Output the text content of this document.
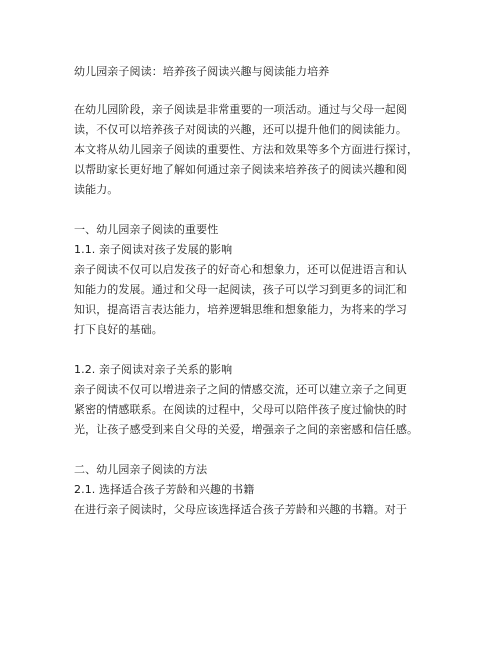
幼儿园亲子阅读：培养孩子阅读兴趣与阅读能力培养
在幼儿园阶段，亲子阅读是非常重要的一项活动。通过与父母一起阅
读，不仅可以培养孩子对阅读的兴趣，还可以提升他们的阅读能力。
本文将从幼儿园亲子阅读的重要性、方法和效果等多个方面进行探讨，
以帮助家长更好地了解如何通过亲子阅读来培养孩子的阅读兴趣和阅
读能力。
一、幼儿园亲子阅读的重要性
1.1. 亲子阅读对孩子发展的影响
亲子阅读不仅可以启发孩子的好奇心和想象力，还可以促进语言和认
知能力的发展。通过和父母一起阅读，孩子可以学习到更多的词汇和
知识，提高语言表达能力，培养逻辑思维和想象能力，为将来的学习
打下良好的基础。
1.2. 亲子阅读对亲子关系的影响
亲子阅读不仅可以增进亲子之间的情感交流，还可以建立亲子之间更
紧密的情感联系。在阅读的过程中，父母可以陪伴孩子度过愉快的时
光，让孩子感受到来自父母的关爱，增强亲子之间的亲密感和信任感。
二、幼儿园亲子阅读的方法
2.1. 选择适合孩子芳龄和兴趣的书籍
在进行亲子阅读时，父母应该选择适合孩子芳龄和兴趣的书籍。对于
